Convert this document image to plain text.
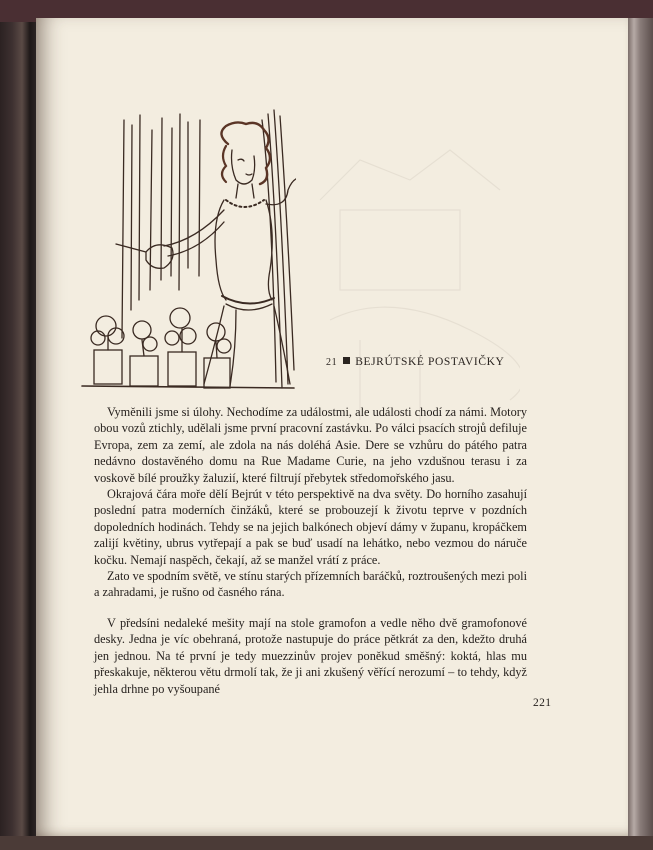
21 BEJRÚTSKÉ POSTAVIČKY

Vyměnili jsme si úlohy. Nechodíme za událostmi, ale události chodí za námi. Motory obou vozů ztichly, udělali jsme první pracovní zastávku. Po válci psacích strojů defiluje Evropa, zem za zemí, ale zdola na nás doléhá Asie. Dere se vzhůru do pátého patra nedávno dostavěného domu na Rue Madame Curie, na jeho vzdušnou terasu i za voskově bílé proužky žaluzií, které filtrují přebytek středomořského jasu.

Okrajová čára moře dělí Bejrút v této perspektivě na dva světy. Do horního zasahují poslední patra moderních činžáků, které se probouzejí k životu teprve v pozdních dopoledních hodinách. Tehdy se na jejich balkónech objeví dámy v županu, kropáčkem zalijí květiny, ubrus vytřepají a pak se buď usadí na lehátko, nebo vezmou do náruče kočku. Nemají naspěch, čekají, až se manžel vrátí z práce.

Zato ve spodním světě, ve stínu starých přízemních baráčků, roztroušených mezi poli a zahradami, je rušno od časného rána.

V předsíni nedaleké mešity mají na stole gramofon a vedle něho dvě gramofonové desky. Jedna je víc obehraná, protože nastupuje do práce pětkrát za den, kdežto druhá jen jednou. Na té první je tedy muezzinův projev poněkud směšný: koktá, hlas mu přeskakuje, některou větu drmolí tak, že ji ani zkušený věřící nerozumí – to tehdy, když jehla drhne po vyšoupané

221
